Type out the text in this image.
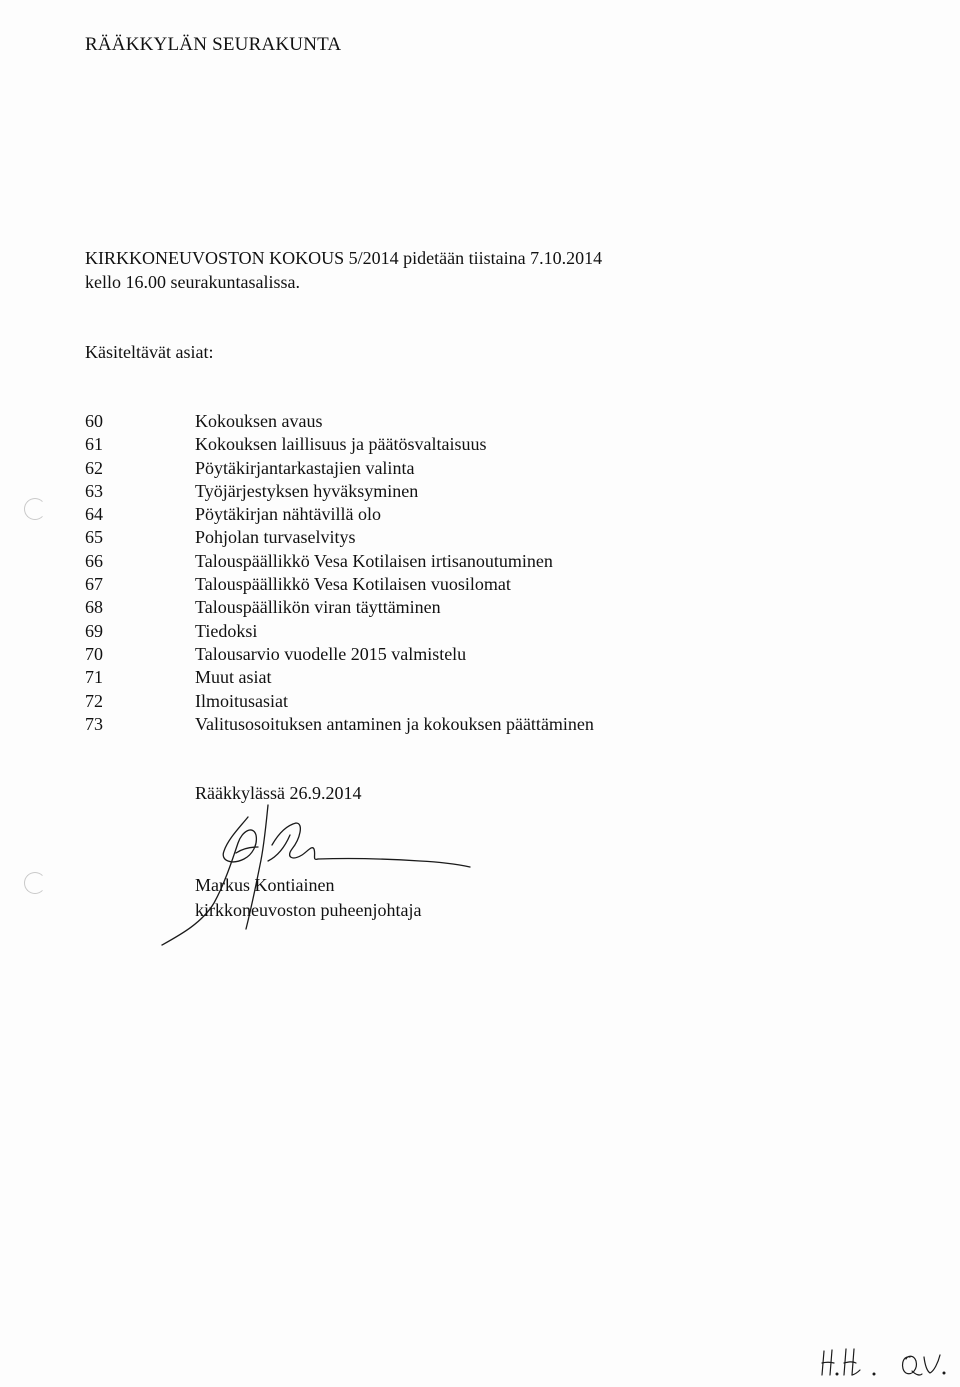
RÄÄKKYLÄN SEURAKUNTA
KIRKKONEUVOSTON KOKOUS 5/2014 pidetään tiistaina 7.10.2014
kello 16.00 seurakuntasalissa.
Käsiteltävät asiat:
60	Kokouksen avaus
61	Kokouksen laillisuus ja päätösvaltaisuus
62	Pöytäkirjantarkastajien valinta
63	Työjärjestyksen hyväksyminen
64	Pöytäkirjan nähtävillä olo
65	Pohjolan turvaselvitys
66	Talouspäällikkö Vesa Kotilaisen irtisanoutuminen
67	Talouspäällikkö Vesa Kotilaisen vuosilomat
68	Talouspäällikön viran täyttäminen
69	Tiedoksi
70	Talousarvio vuodelle 2015 valmistelu
71	Muut asiat
72	Ilmoitusasiat
73	Valitusosoituksen antaminen ja kokouksen päättäminen
Rääkkylässä 26.9.2014
Markus Kontiainen
kirkkoneuvoston puheenjohtaja
